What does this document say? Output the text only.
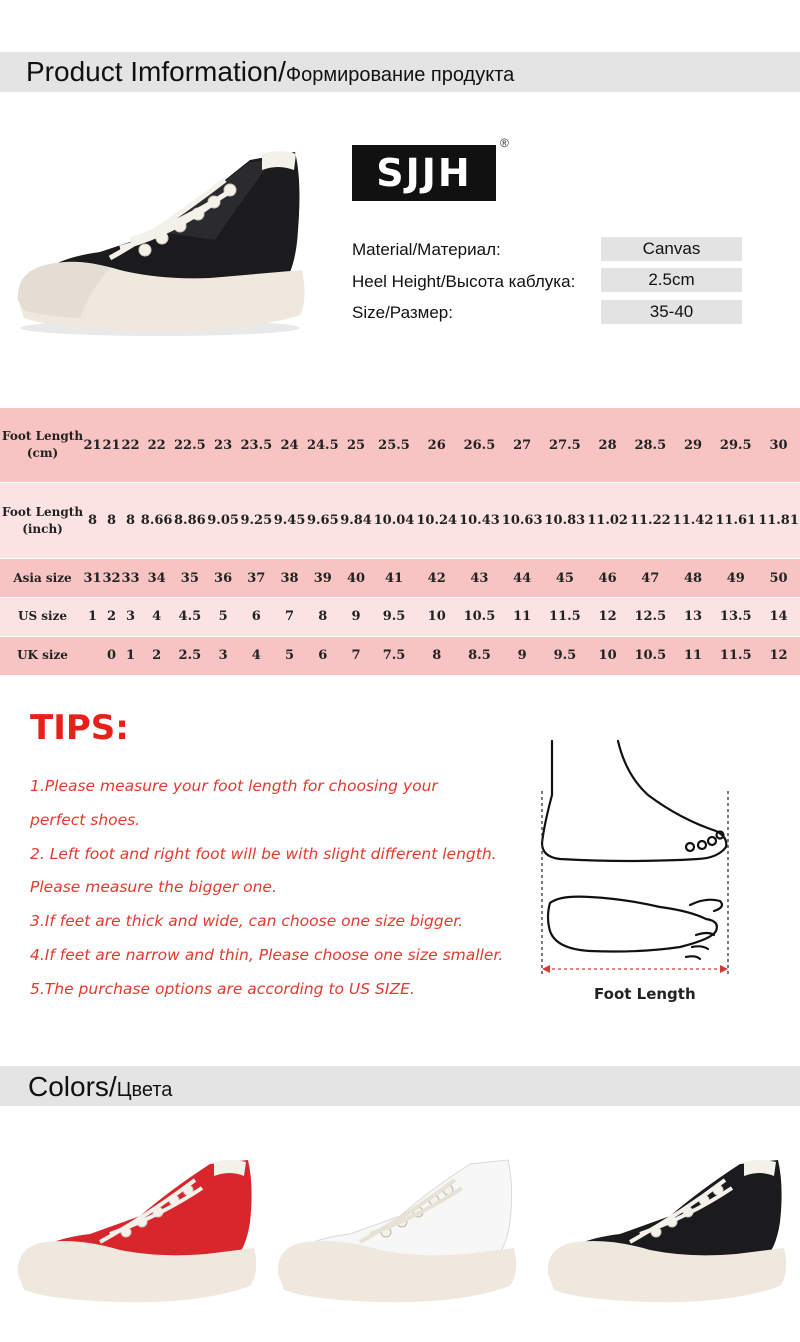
Product Imformation/Формирование продукта
SJJH
®
Material/Материал:	Canvas
Heel Height/Высота каблука:	2.5cm
Size/Размер:	35-40
Foot Length
(cm)	21	21	22	22	22.5	23	23.5	24	24.5	25	25.5	26	26.5	27	27.5	28	28.5	29	29.5	30

Foot Length
(inch)	8	8	8	8.66	8.86	9.05	9.25	9.45	9.65	9.84	10.04	10.24	10.43	10.63	10.83	11.02	11.22	11.42	11.61	11.81

Asia size	31	32	33	34	35	36	37	38	39	40	41	42	43	44	45	46	47	48	49	50

US size	1	2	3	4	4.5	5	6	7	8	9	9.5	10	10.5	11	11.5	12	12.5	13	13.5	14

UK size		0	1	2	2.5	3	4	5	6	7	7.5	8	8.5	9	9.5	10	10.5	11	11.5	12
TIPS:
1.Please measure your foot length for choosing your
perfect shoes.
2. Left foot and right foot will be with slight different length.
Please measure the bigger one.
3.If feet are thick and wide, can choose one size bigger.
4.If feet are narrow and thin, Please choose one size smaller.
5.The purchase options are according to US SIZE.	Foot Length
Colors/Цвета
